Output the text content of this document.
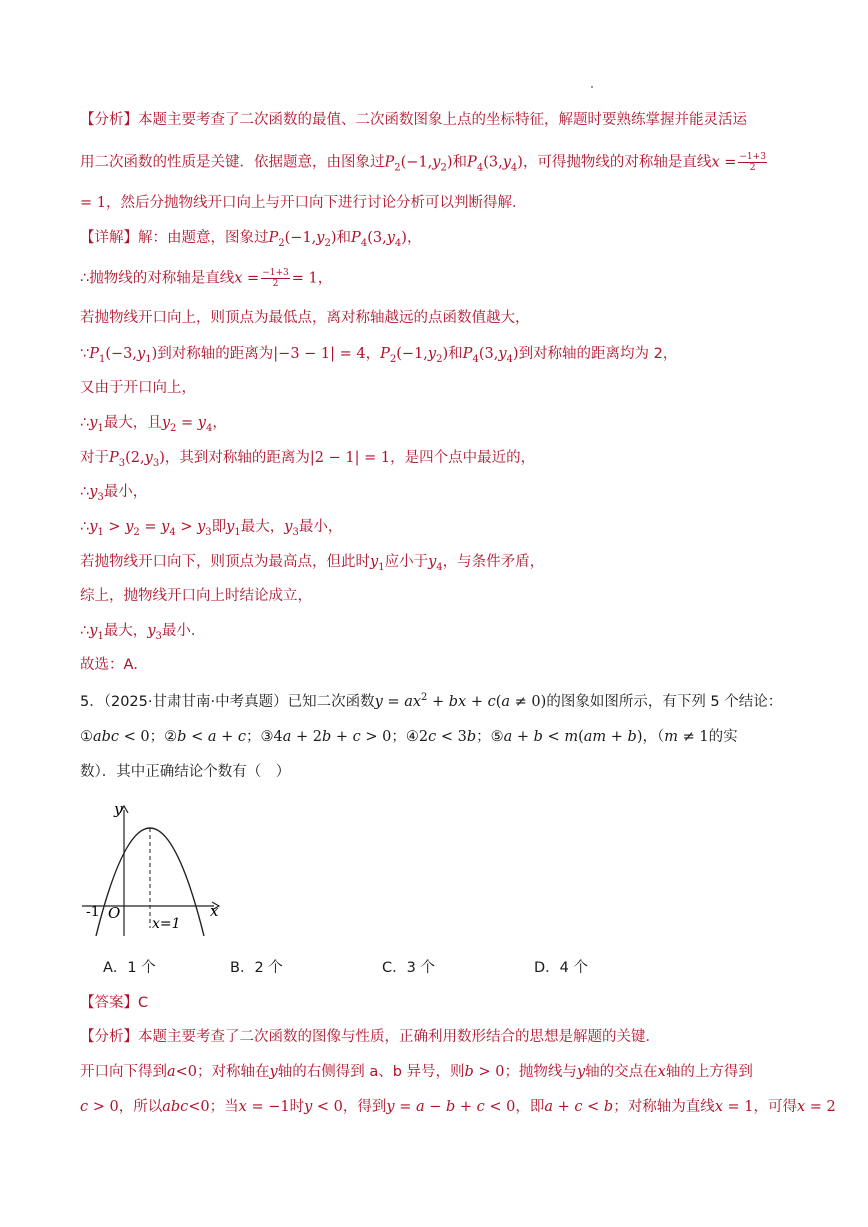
【分析】本题主要考查了二次函数的最值、二次函数图象上点的坐标特征，解题时要熟练掌握并能灵活运
用二次函数的性质是关键．依据题意，由图象过$P_2(-1,y_2)$和$P_4(3,y_4)$，可得抛物线的对称轴是直线$x = \frac{-1+3}{2}$
= 1，然后分抛物线开口向上与开口向下进行讨论分析可以判断得解．
【详解】解：由题意，图象过$P_2(-1,y_2)$和$P_4(3,y_4)$，
∴抛物线的对称轴是直线$x = \frac{-1+3}{2} = 1$，
若抛物线开口向上，则顶点为最低点，离对称轴越远的点函数值越大，
$\because P_1(-3,y_1)$到对称轴的距离为|−3 − 1| = 4，$P_2(-1,y_2)$和$P_4(3,y_4)$到对称轴的距离均为 2，
又由于开口向上，
$\therefore y_1$最大，且$y_2 = y_4$，
对于$P_3(2,y_3)$，其到对称轴的距离为|2 − 1| = 1，是四个点中最近的，
$\therefore y_3$最小，
$\therefore y_1 > y_2 = y_4 > y_3$即$y_1$最大，$y_3$最小，
若抛物线开口向下，则顶点为最高点，但此时$y_1$应小于$y_4$，与条件矛盾，
综上，抛物线开口向上时结论成立，
$\therefore y_1$最大，$y_3$最小．
故选：A．
5．（2025·甘肃甘南·中考真题）已知二次函数$y = ax^2$ + bx + c(a ≠ 0)的图象如图所示，有下列 5 个结论：
①abc < 0；②b < a + c；③4a + 2b + c > 0；④2c < 3b；⑤a + b < m(am + b)，（m ≠ 1的实
数）．其中正确结论个数有（　）
y
x
O
-1
x=1
A．1 个	B．2 个	C．3 个	D．4 个
【答案】C
【分析】本题主要考查了二次函数的图像与性质，正确利用数形结合的思想是解题的关键．
开口向下得到a<0；对称轴在y轴的右侧得到 a、b 异号，则b > 0；抛物线与y轴的交点在x轴的上方得到
c > 0，所以abc<0；当x = −1时y < 0，得到y = a − b + c < 0，即a + c < b；对称轴为直线x = 1，可得x = 2
